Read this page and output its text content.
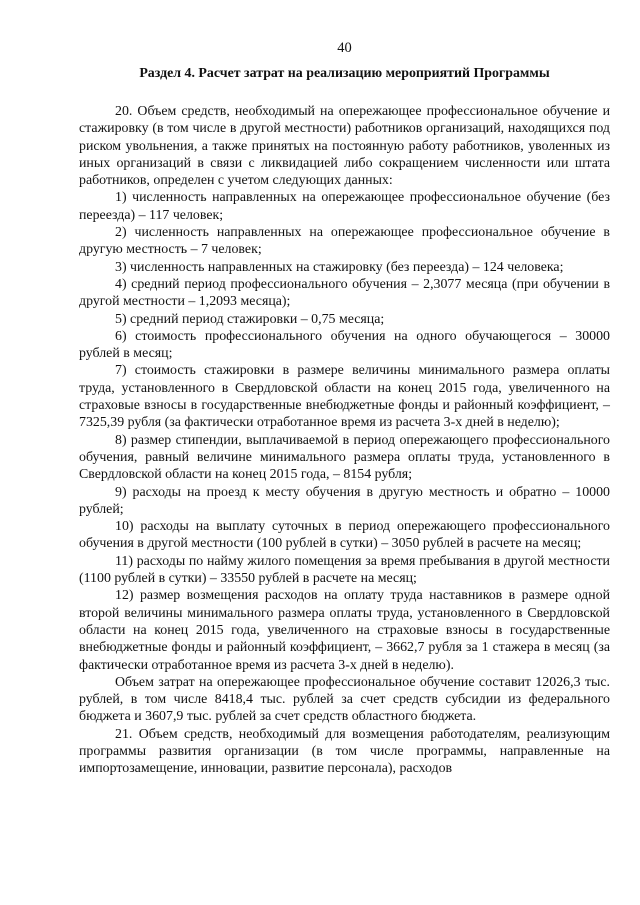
40
Раздел 4. Расчет затрат на реализацию мероприятий Программы

20. Объем средств, необходимый на опережающее профессиональное обучение и стажировку (в том числе в другой местности) работников организаций, находящихся под риском увольнения, а также принятых на постоянную работу работников, уволенных из иных организаций в связи с ликвидацией либо сокращением численности или штата работников, определен с учетом следующих данных:

1) численность направленных на опережающее профессиональное обучение (без переезда) – 117 человек;

2) численность направленных на опережающее профессиональное обучение в другую местность – 7 человек;

3) численность направленных на стажировку (без переезда) – 124 человека;

4) средний период профессионального обучения – 2,3077 месяца (при обучении в другой местности – 1,2093 месяца);

5) средний период стажировки – 0,75 месяца;

6) стоимость профессионального обучения на одного обучающегося – 30000 рублей в месяц;

7) стоимость стажировки в размере величины минимального размера оплаты труда, установленного в Свердловской области на конец 2015 года, увеличенного на страховые взносы в государственные внебюджетные фонды и районный коэффициент, – 7325,39 рубля (за фактически отработанное время из расчета 3-х дней в неделю);

8) размер стипендии, выплачиваемой в период опережающего профессионального обучения, равный величине минимального размера оплаты труда, установленного в Свердловской области на конец 2015 года, – 8154 рубля;

9) расходы на проезд к месту обучения в другую местность и обратно – 10000 рублей;

10) расходы на выплату суточных в период опережающего профессионального обучения в другой местности (100 рублей в сутки) – 3050 рублей в расчете на месяц;

11) расходы по найму жилого помещения за время пребывания в другой местности (1100 рублей в сутки) – 33550 рублей в расчете на месяц;

12) размер возмещения расходов на оплату труда наставников в размере одной второй величины минимального размера оплаты труда, установленного в Свердловской области на конец 2015 года, увеличенного на страховые взносы в государственные внебюджетные фонды и районный коэффициент, – 3662,7 рубля за 1 стажера в месяц (за фактически отработанное время из расчета 3-х дней в неделю).

Объем затрат на опережающее профессиональное обучение составит 12026,3 тыс. рублей, в том числе 8418,4 тыс. рублей за счет средств субсидии из федерального бюджета и 3607,9 тыс. рублей за счет средств областного бюджета.

21. Объем средств, необходимый для возмещения работодателям, реализующим программы развития организации (в том числе программы, направленные на импортозамещение, инновации, развитие персонала), расходов
